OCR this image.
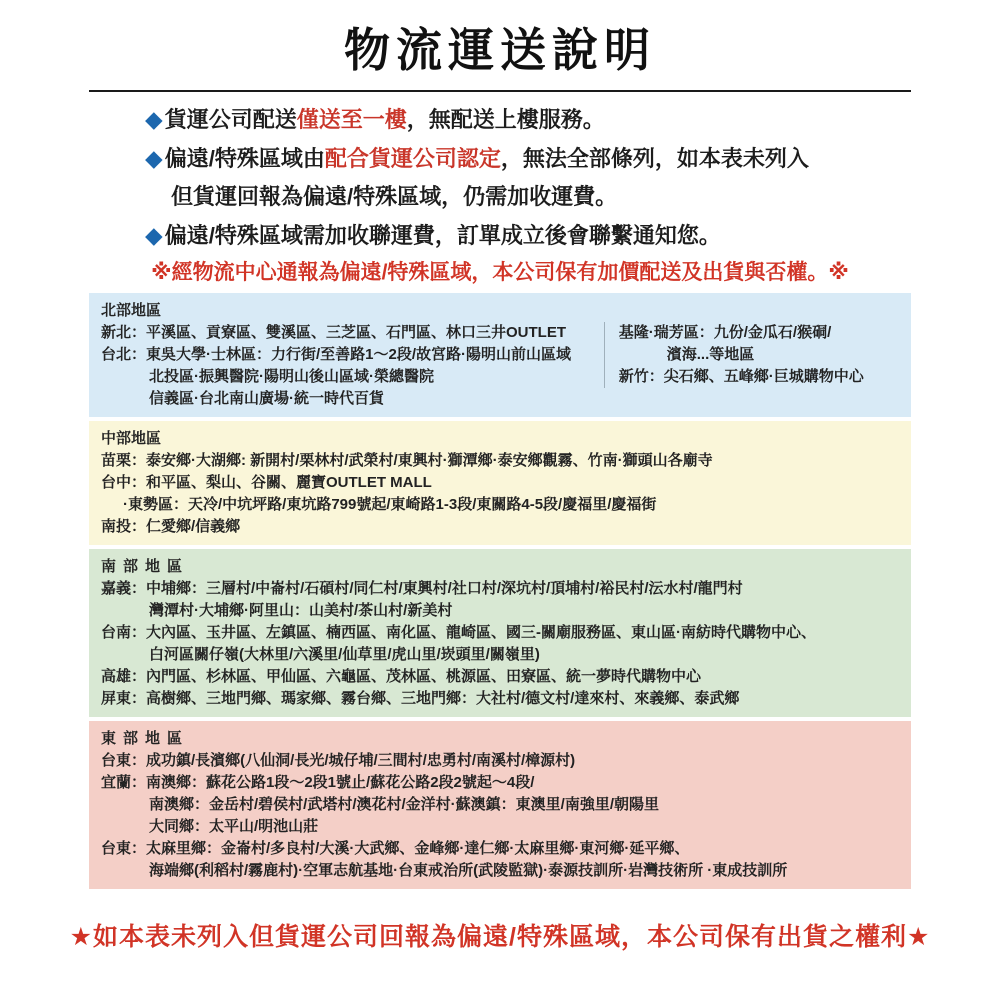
物流運送說明
◆貨運公司配送僅送至一樓，無配送上樓服務。
◆偏遠/特殊區域由配合貨運公司認定，無法全部條列，如本表未列入
但貨運回報為偏遠/特殊區域，仍需加收運費。
◆偏遠/特殊區域需加收聯運費，訂單成立後會聯繫通知您。
※經物流中心通報為偏遠/特殊區域，本公司保有加價配送及出貨與否權。※
北部地區
新北：平溪區、貢寮區、雙溪區、三芝區、石門區、林口三井OUTLET
台北：東吳大學·士林區：力行街/至善路1～2段/故宮路·陽明山前山區域
北投區·振興醫院·陽明山後山區域·榮總醫院
信義區·台北南山廣場·統一時代百貨
基隆·瑞芳區：九份/金瓜石/猴硐/
濱海...等地區
新竹：尖石鄉、五峰鄉·巨城購物中心
中部地區
苗栗：泰安鄉·大湖鄉: 新開村/栗林村/武榮村/東興村·獅潭鄉·泰安鄉觀霧、竹南·獅頭山各廟寺
台中：和平區、梨山、谷關、麗寶OUTLET MALL
·東勢區：天冷/中坑坪路/東坑路799號起/東崎路1-3段/東關路4-5段/慶福里/慶福街
南投：仁愛鄉/信義鄉
南部地區
嘉義：中埔鄉：三層村/中崙村/石碩村/同仁村/東興村/社口村/深坑村/頂埔村/裕民村/沄水村/龍門村
灣潭村·大埔鄉·阿里山：山美村/茶山村/新美村
台南：大內區、玉井區、左鎮區、楠西區、南化區、龍崎區、國三-關廟服務區、東山區·南紡時代購物中心、
白河區關仔嶺(大林里/六溪里/仙草里/虎山里/崁頭里/關嶺里)
高雄：內門區、杉林區、甲仙區、六龜區、茂林區、桃源區、田寮區、統一夢時代購物中心
屏東：高樹鄉、三地門鄉、瑪家鄉、霧台鄉、三地門鄉：大社村/德文村/達來村、來義鄉、泰武鄉
東部地區
台東：成功鎮/長濱鄉(八仙洞/長光/城仔埔/三間村/忠勇村/南溪村/樟源村)
宜蘭：南澳鄉：蘇花公路1段～2段1號止/蘇花公路2段2號起～4段/
南澳鄉：金岳村/碧侯村/武塔村/澳花村/金洋村·蘇澳鎮：東澳里/南強里/朝陽里
大同鄉：太平山/明池山莊
台東：太麻里鄉：金崙村/多良村/大溪·大武鄉、金峰鄉·達仁鄉·太麻里鄉·東河鄉·延平鄉、
海端鄉(利稻村/霧鹿村)·空軍志航基地·台東戒治所(武陵監獄)·泰源技訓所·岩灣技術所 ·東成技訓所
★如本表未列入但貨運公司回報為偏遠/特殊區域，本公司保有出貨之權利★
